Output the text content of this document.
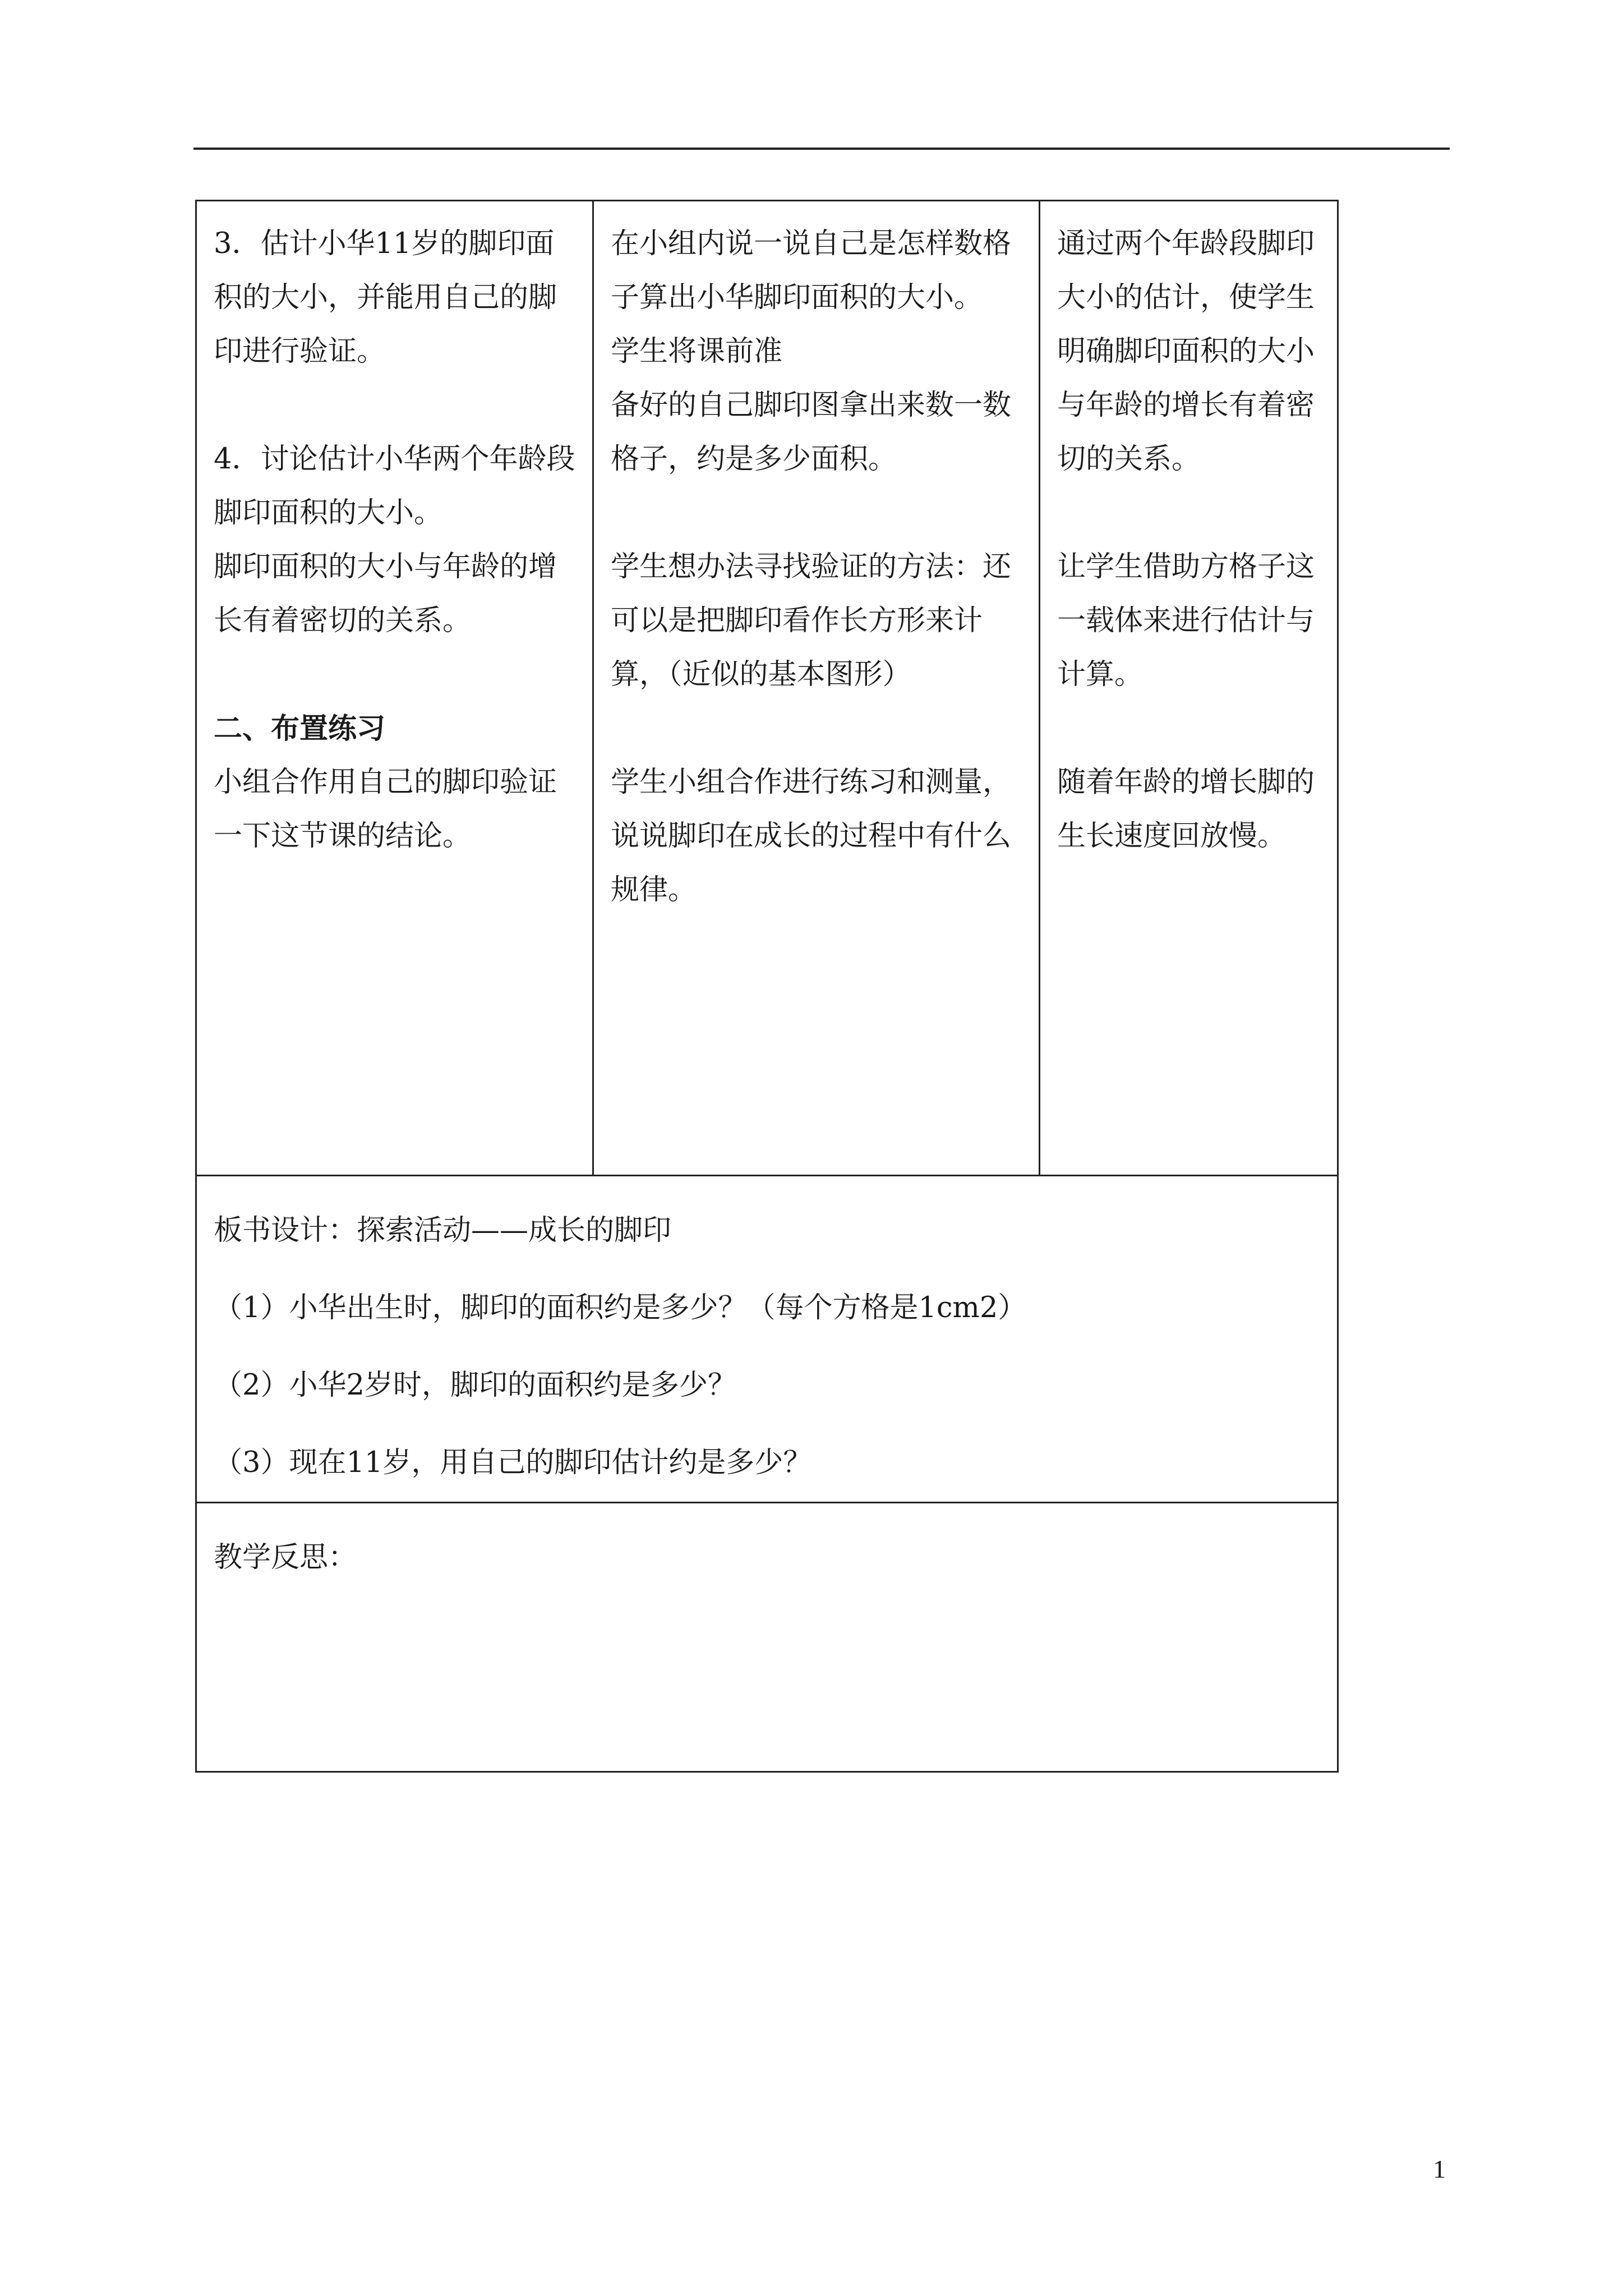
3．估计小华11岁的脚印面积的大小，并能用自己的脚印进行验证。
4．讨论估计小华两个年龄段脚印面积的大小。
脚印面积的大小与年龄的增长有着密切的关系。
二、布置练习
小组合作用自己的脚印验证一下这节课的结论。

在小组内说一说自己是怎样数格子算出小华脚印面积的大小。
学生将课前准
备好的自己脚印图拿出来数一数格子，约是多少面积。
学生想办法寻找验证的方法：还可以是把脚印看作长方形来计算，（近似的基本图形）
学生小组合作进行练习和测量，说说脚印在成长的过程中有什么规律。

通过两个年龄段脚印大小的估计，使学生明确脚印面积的大小与年龄的增长有着密切的关系。
让学生借助方格子这一载体来进行估计与计算。
随着年龄的增长脚的生长速度回放慢。

板书设计：探索活动——成长的脚印
（1）小华出生时，脚印的面积约是多少？（每个方格是1cm2）
（2）小华2岁时，脚印的面积约是多少？
（3）现在11岁，用自己的脚印估计约是多少？

教学反思：
1
